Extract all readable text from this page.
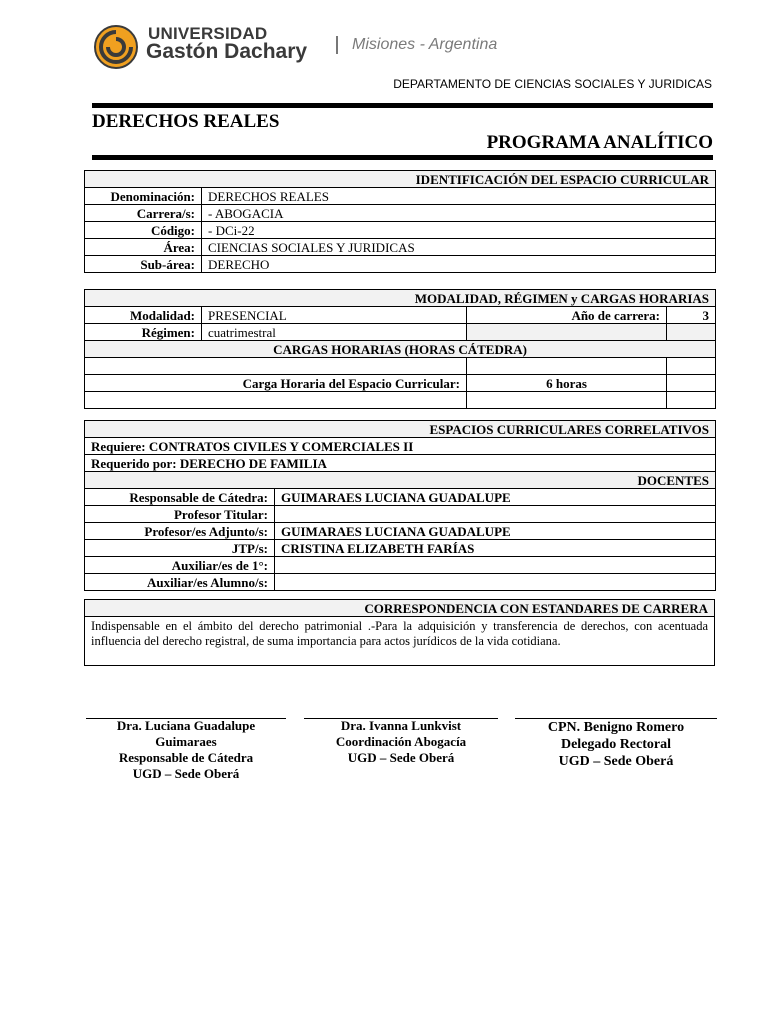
UNIVERSIDAD
Gastón Dachary	Misiones - Argentina
DEPARTAMENTO DE CIENCIAS SOCIALES Y JURIDICAS
DERECHOS REALES
PROGRAMA ANALÍTICO
IDENTIFICACIÓN DEL ESPACIO CURRICULAR	
Denominación:	DERECHOS REALES
Carrera/s:	- ABOGACIA
Código:	- DCi-22
Área:	CIENCIAS SOCIALES Y JURIDICAS
Sub-área:	DERECHO
MODALIDAD, RÉGIMEN y CARGAS HORARIAS			
Modalidad:	PRESENCIAL	Año de carrera:	3
Régimen:	cuatrimestral		
CARGAS HORARIAS (HORAS CÁTEDRA)			

Carga Horaria del Espacio Curricular:		6 horas	

ESPACIOS CURRICULARES CORRELATIVOS	
Requiere: CONTRATOS CIVILES Y COMERCIALES II	
Requerido por: DERECHO DE FAMILIA	
DOCENTES	
Responsable de Cátedra:	GUIMARAES LUCIANA GUADALUPE
Profesor Titular:	
Profesor/es Adjunto/s:	GUIMARAES LUCIANA GUADALUPE
JTP/s:	CRISTINA ELIZABETH FARÍAS
Auxiliar/es de 1°:	
Auxiliar/es Alumno/s:	
CORRESPONDENCIA CON ESTANDARES DE CARRERA
Indispensable en el ámbito del derecho patrimonial .-Para la adquisición y transferencia de derechos, con acentuada influencia del derecho registral, de suma importancia para actos jurídicos de la vida cotidiana.
Dra. Luciana Guadalupe
Guimaraes
Responsable de Cátedra
UGD – Sede Oberá
Dra. Ivanna Lunkvist
Coordinación Abogacía
UGD – Sede Oberá
CPN. Benigno Romero
Delegado Rectoral
UGD – Sede Oberá
